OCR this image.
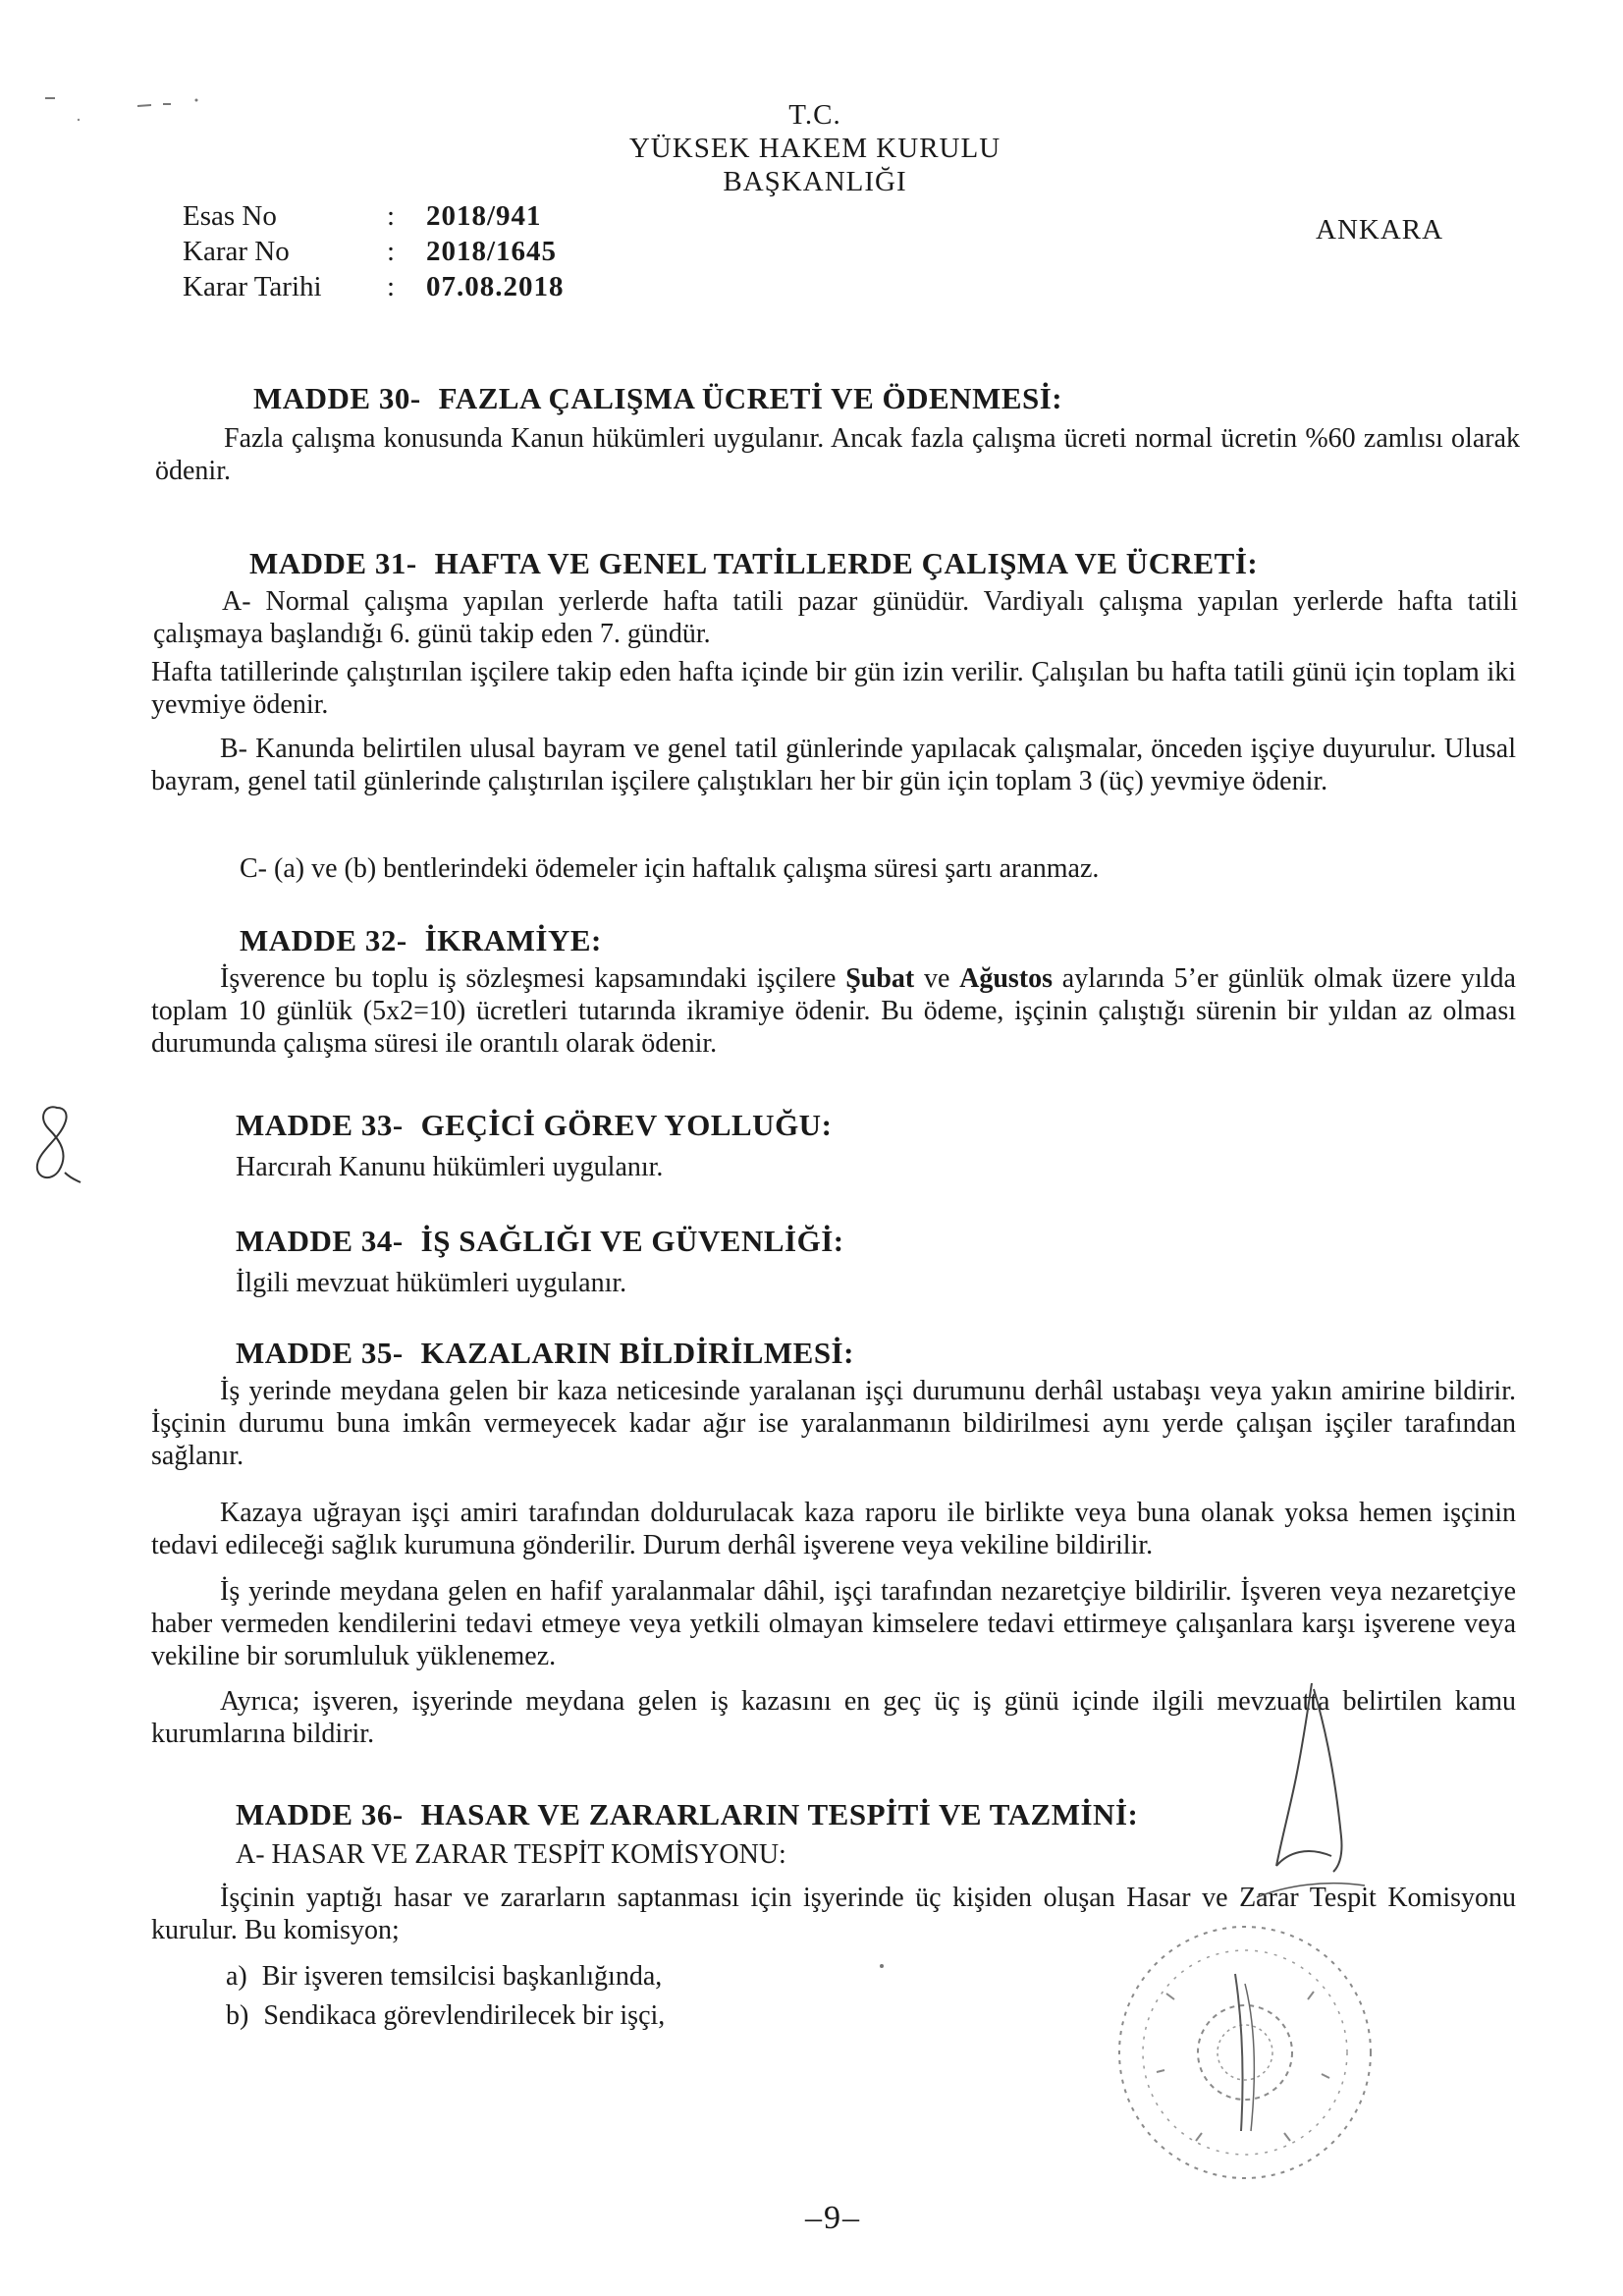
T.C.
YÜKSEK HAKEM KURULU
BAŞKANLIĞI
ANKARA
Esas No	: 2018/941
Karar No	: 2018/1645
Karar Tarihi : 07.08.2018
MADDE 30- FAZLA ÇALIŞMA ÜCRETİ VE ÖDENMESİ:
Fazla çalışma konusunda Kanun hükümleri uygulanır. Ancak fazla çalışma ücreti normal ücretin %60 zamlısı olarak ödenir.
MADDE 31- HAFTA VE GENEL TATİLLERDE ÇALIŞMA VE ÜCRETİ:
A- Normal çalışma yapılan yerlerde hafta tatili pazar günüdür. Vardiyalı çalışma yapılan yerlerde hafta tatili çalışmaya başlandığı 6. günü takip eden 7. gündür.
Hafta tatillerinde çalıştırılan işçilere takip eden hafta içinde bir gün izin verilir. Çalışılan bu hafta tatili günü için toplam iki yevmiye ödenir.
B- Kanunda belirtilen ulusal bayram ve genel tatil günlerinde yapılacak çalışmalar, önceden işçiye duyurulur. Ulusal bayram, genel tatil günlerinde çalıştırılan işçilere çalıştıkları her bir gün için toplam 3 (üç) yevmiye ödenir.
C- (a) ve (b) bentlerindeki ödemeler için haftalık çalışma süresi şartı aranmaz.
MADDE 32- İKRAMİYE:
İşverence bu toplu iş sözleşmesi kapsamındaki işçilere Şubat ve Ağustos aylarında 5’er günlük olmak üzere yılda toplam 10 günlük (5x2=10) ücretleri tutarında ikramiye ödenir. Bu ödeme, işçinin çalıştığı sürenin bir yıldan az olması durumunda çalışma süresi ile orantılı olarak ödenir.
MADDE 33- GEÇİCİ GÖREV YOLLUĞU:
Harcırah Kanunu hükümleri uygulanır.
MADDE 34- İŞ SAĞLIĞI VE GÜVENLİĞİ:
İlgili mevzuat hükümleri uygulanır.
MADDE 35- KAZALARIN BİLDİRİLMESİ:
İş yerinde meydana gelen bir kaza neticesinde yaralanan işçi durumunu derhâl ustabaşı veya yakın amirine bildirir. İşçinin durumu buna imkân vermeyecek kadar ağır ise yaralanmanın bildirilmesi aynı yerde çalışan işçiler tarafından sağlanır.
Kazaya uğrayan işçi amiri tarafından doldurulacak kaza raporu ile birlikte veya buna olanak yoksa hemen işçinin tedavi edileceği sağlık kurumuna gönderilir. Durum derhâl işverene veya vekiline bildirilir.
İş yerinde meydana gelen en hafif yaralanmalar dâhil, işçi tarafından nezaretçiye bildirilir. İşveren veya nezaretçiye haber vermeden kendilerini tedavi etmeye veya yetkili olmayan kimselere tedavi ettirmeye çalışanlara karşı işverene veya vekiline bir sorumluluk yüklenemez.
Ayrıca; işveren, işyerinde meydana gelen iş kazasını en geç üç iş günü içinde ilgili mevzuatta belirtilen kamu kurumlarına bildirir.
MADDE 36- HASAR VE ZARARLARIN TESPİTİ VE TAZMİNİ:
A- HASAR VE ZARAR TESPİT KOMİSYONU:
İşçinin yaptığı hasar ve zararların saptanması için işyerinde üç kişiden oluşan Hasar ve Zarar Tespit Komisyonu kurulur. Bu komisyon;
a) Bir işveren temsilcisi başkanlığında,
b) Sendikaca görevlendirilecek bir işçi,
–9–
